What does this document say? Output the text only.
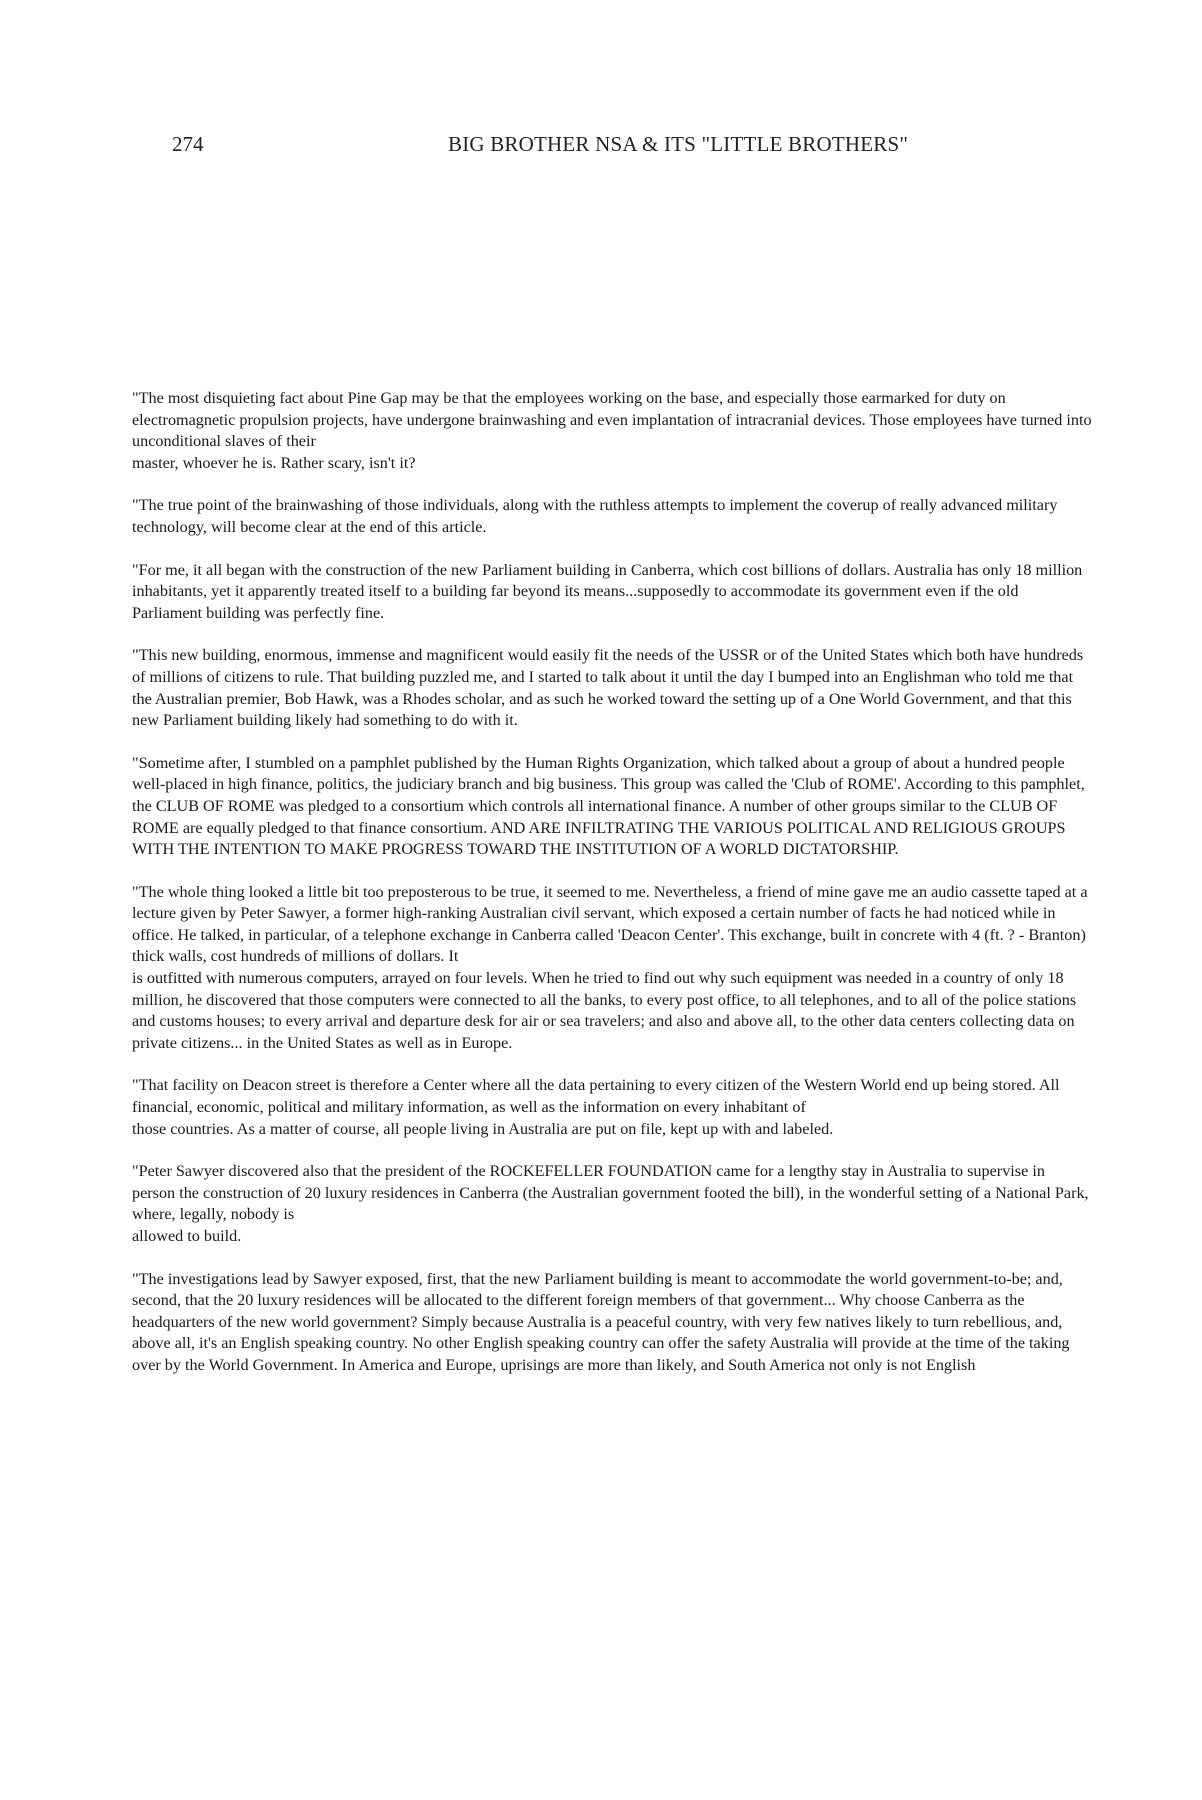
274	BIG BROTHER NSA & ITS "LITTLE BROTHERS"

"The most disquieting fact about Pine Gap may be that the employees working on the base, and especially those earmarked for duty on electromagnetic propulsion projects, have undergone brainwashing and even implantation of intracranial devices. Those employees have turned into unconditional slaves of their
master, whoever he is. Rather scary, isn't it?

"The true point of the brainwashing of those individuals, along with the ruthless attempts to implement the coverup of really advanced military technology, will become clear at the end of this article.

"For me, it all began with the construction of the new Parliament building in Canberra, which cost billions of dollars. Australia has only 18 million inhabitants, yet it apparently treated itself to a building far beyond its means...supposedly to accommodate its government even if the old Parliament building was perfectly fine.

"This new building, enormous, immense and magnificent would easily fit the needs of the USSR or of the United States which both have hundreds of millions of citizens to rule. That building puzzled me, and I started to talk about it until the day I bumped into an Englishman who told me that the Australian premier, Bob Hawk, was a Rhodes scholar, and as such he worked toward the setting up of a One World Government, and that this new Parliament building likely had something to do with it.

"Sometime after, I stumbled on a pamphlet published by the Human Rights Organization, which talked about a group of about a hundred people well-placed in high finance, politics, the judiciary branch and big business. This group was called the 'Club of ROME'. According to this pamphlet, the CLUB OF ROME was pledged to a consortium which controls all international finance. A number of other groups similar to the CLUB OF ROME are equally pledged to that finance consortium. AND ARE INFILTRATING THE VARIOUS POLITICAL AND RELIGIOUS GROUPS WITH THE INTENTION TO MAKE PROGRESS TOWARD THE INSTITUTION OF A WORLD DICTATORSHIP.

"The whole thing looked a little bit too preposterous to be true, it seemed to me. Nevertheless, a friend of mine gave me an audio cassette taped at a lecture given by Peter Sawyer, a former high-ranking Australian civil servant, which exposed a certain number of facts he had noticed while in office. He talked, in particular, of a telephone exchange in Canberra called 'Deacon Center'. This exchange, built in concrete with 4 (ft. ? - Branton) thick walls, cost hundreds of millions of dollars. It
is outfitted with numerous computers, arrayed on four levels. When he tried to find out why such equipment was needed in a country of only 18 million, he discovered that those computers were connected to all the banks, to every post office, to all telephones, and to all of the police stations and customs houses; to every arrival and departure desk for air or sea travelers; and also and above all, to the other data centers collecting data on private citizens... in the United States as well as in Europe.

"That facility on Deacon street is therefore a Center where all the data pertaining to every citizen of the Western World end up being stored. All financial, economic, political and military information, as well as the information on every inhabitant of
those countries. As a matter of course, all people living in Australia are put on file, kept up with and labeled.

"Peter Sawyer discovered also that the president of the ROCKEFELLER FOUNDATION came for a lengthy stay in Australia to supervise in person the construction of 20 luxury residences in Canberra (the Australian government footed the bill), in the wonderful setting of a National Park, where, legally, nobody is
allowed to build.

"The investigations lead by Sawyer exposed, first, that the new Parliament building is meant to accommodate the world government-to-be; and, second, that the 20 luxury residences will be allocated to the different foreign members of that government... Why choose Canberra as the headquarters of the new world government? Simply because Australia is a peaceful country, with very few natives likely to turn rebellious, and, above all, it's an English speaking country. No other English speaking country can offer the safety Australia will provide at the time of the taking over by the World Government. In America and Europe, uprisings are more than likely, and South America not only is not English
